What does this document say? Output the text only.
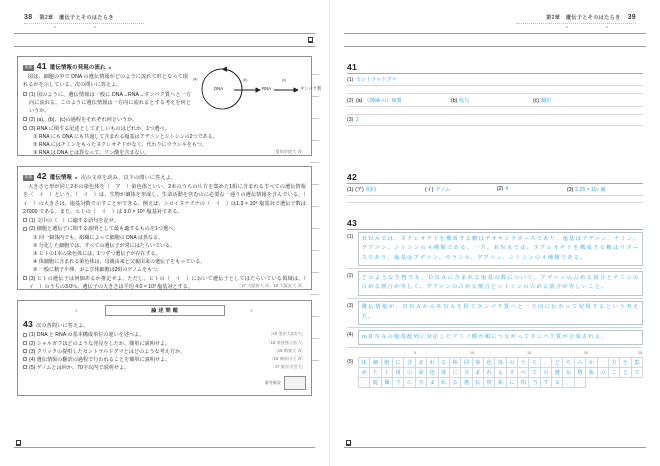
38 第2章　遺伝子とそのはたらき
知識 41 遺伝情報の発現の流れ ■

図は、細胞の中で DNA の遺伝情報がどのように流れて形となって現れるかを示している。次の問いに答えよ。

(1) 図のように、遺伝情報は一般に DNA→RNA→タンパク質へと一方向に流れる。このように遺伝情報は一方向に流れるとする考えを何というか。
(2) (a)、(b)、(c)の過程をそれぞれ何というか。
(3) RNA に関する記述として正しいものはどれか、1つ選べ。
① RNA にも DNA にも共通して含まれる塩基はアデニンとシトシンの2つである。
② RNA にはチミンをもったヌクレオチドがなく、代わりにウラシルをもつ。
③ RNA は DNA とは異なって、リン酸を含まない。	〔愛知学院大 改〕
DNA	RNA	タンパク質
(a)	(b)	(c)
知識 42 遺伝情報 ■ 次の文章を読み、以下の問いに答えよ。

大きさと形が同じ2本の染色体を（　ア　）染色体といい、2本のうちの片方を集めた1組に含まれるすべての遺伝情報を（　イ　）という。（　イ　）は、生物が個体を形成し、生命活動を営むのに必要な一通りの遺伝情報を含んでいる。（　イ　）の大きさは、塩基対数で示すことができる。例えば、シロイヌナズナの（　イ　）は1.3 × 10⁸ 塩基対で遺伝子数は 27000 である。また、ヒトの（　イ　）は 3.0 × 10⁹ 塩基対である。

(1) 文中の（　）に適する語句を記せ。
(2) 細胞と遺伝子に関する説明として最も適するものを1つ選べ。
① 同一個体内でも、組織によって細胞の DNA は異なる。
② 分化した細胞では、すべての遺伝子が常にはたらいている。
③ ヒトの1本の染色体には、1つずつ遺伝子が存在する。
④ 体細胞に含まれる染色体は、母親由来と父親由来の遺伝子をもっている。
⑤ 一般に精子や卵、および体細胞は2組のゲノムをもつ。
(3) ヒトの遺伝子は何個あるか推定せよ。ただし、ヒトの（　イ　）において遺伝子としてはたらいている領域は、（　イ　）のうちの3.0％、遺伝子の大きさは平均 4.0 × 10³ 塩基対とする。	〔17 大阪府大 改、19 大阪医大 改〕
※	論述問題	※
43 次の各問いに答えよ。
(1) DNA と RNA の基本構成単位の違いを述べよ。	〔15 金沢大2次大〕
(2) シャルガフはどのような発見をしたか、簡単に説明せよ。	〔15 奈良県立医大〕
(3) クリックの提唱したセントラルドグマとはどのような考え方か。	〔15 関東大 改〕
(4) 遺伝情報の翻訳の過程で行われることを簡単に説明せよ。	〔16 神奈川大 改〕
(5) ゲノムとは何か、70字以内で説明せよ。	〔17 東京学芸大〕
解答解説
第2章　遺伝子とそのはたらき 39
41
(1) セントラルドグマ
(2) (a) （DNA の）複製	(b) 転写	(c) 翻訳
(3) 2
42
(1) (ア) 相同	(イ) ゲノム	(2) 4	(3) 2.25 × 10⁴ 個
43
(1)	ＤＮＡでは、ヌクレオチドを構成する糖はデオキシリボースであり、塩基はアデニン、チミン、グアニン、シトシンの４種類である。一方、ＲＮＡでは、ヌクレオチドを構成する糖はリボースであり、塩基はアデニン、ウラシル、グアニン、シトシンの４種類である。
(2)	どのような生物でも、ＤＮＡに含まれる塩基の数について、アデニンの占める割合とチミンの占める割合が等しく、グアニンの占める割合とシトシンの占める割合が等しいこと。
(3)	遺伝情報が、ＤＮＡからＲＮＡを経てタンパク質へと一方向に伝わって発現するという考え方。
(4)	ｍＲＮＡの塩基配列に対応したアミノ酸が順につながってタンパク質が合成される。
(5)
5	10	15	20	25
体	細	胞	に	含	ま	れ	る	相	同	染	色	体	の	う	ち	、	ど	ち	ら	か	一	方	を	集
め	た	１	組	の	染	色	体	に	含	ま	れ	る	す	べ	て	の	遺	伝	情	報	の	こ	と	で
、	配	偶	子	に	含	ま	れ	る	遺	伝	情	報	に	相	当	す	る	。						
